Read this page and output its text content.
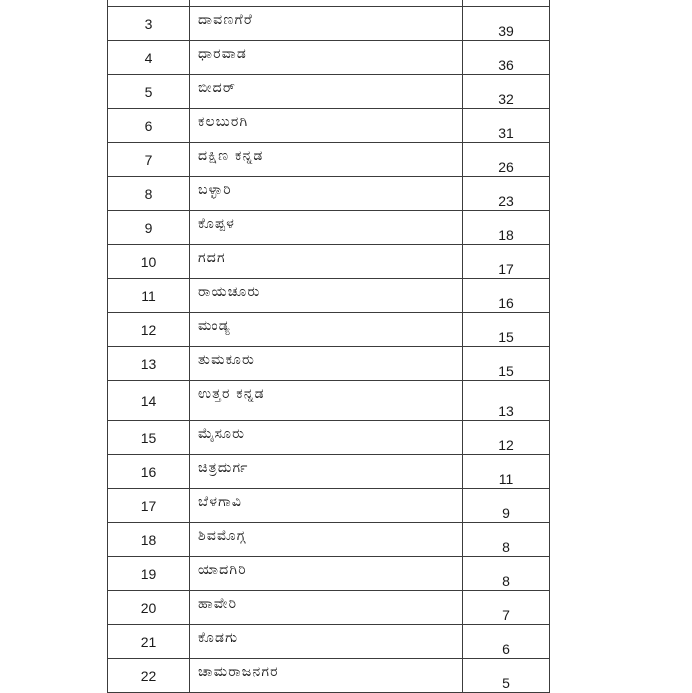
3	ದಾವಣಗೆರೆ	39
4	ಧಾರವಾಡ	36
5	ಬೀದರ್	32
6	ಕಲಬುರಗಿ	31
7	ದಕ್ಷಿಣ ಕನ್ನಡ	26
8	ಬಳ್ಳಾರಿ	23
9	ಕೊಪ್ಪಳ	18
10	ಗದಗ	17
11	ರಾಯಚೂರು	16
12	ಮಂಡ್ಯ	15
13	ತುಮಕೂರು	15
14	ಉತ್ತರ ಕನ್ನಡ	13
15	ಮೈಸೂರು	12
16	ಚಿತ್ರದುರ್ಗ	11
17	ಬೆಳಗಾವಿ	9
18	ಶಿವಮೊಗ್ಗ	8
19	ಯಾದಗಿರಿ	8
20	ಹಾವೇರಿ	7
21	ಕೊಡಗು	6
22	ಚಾಮರಾಜನಗರ	5
